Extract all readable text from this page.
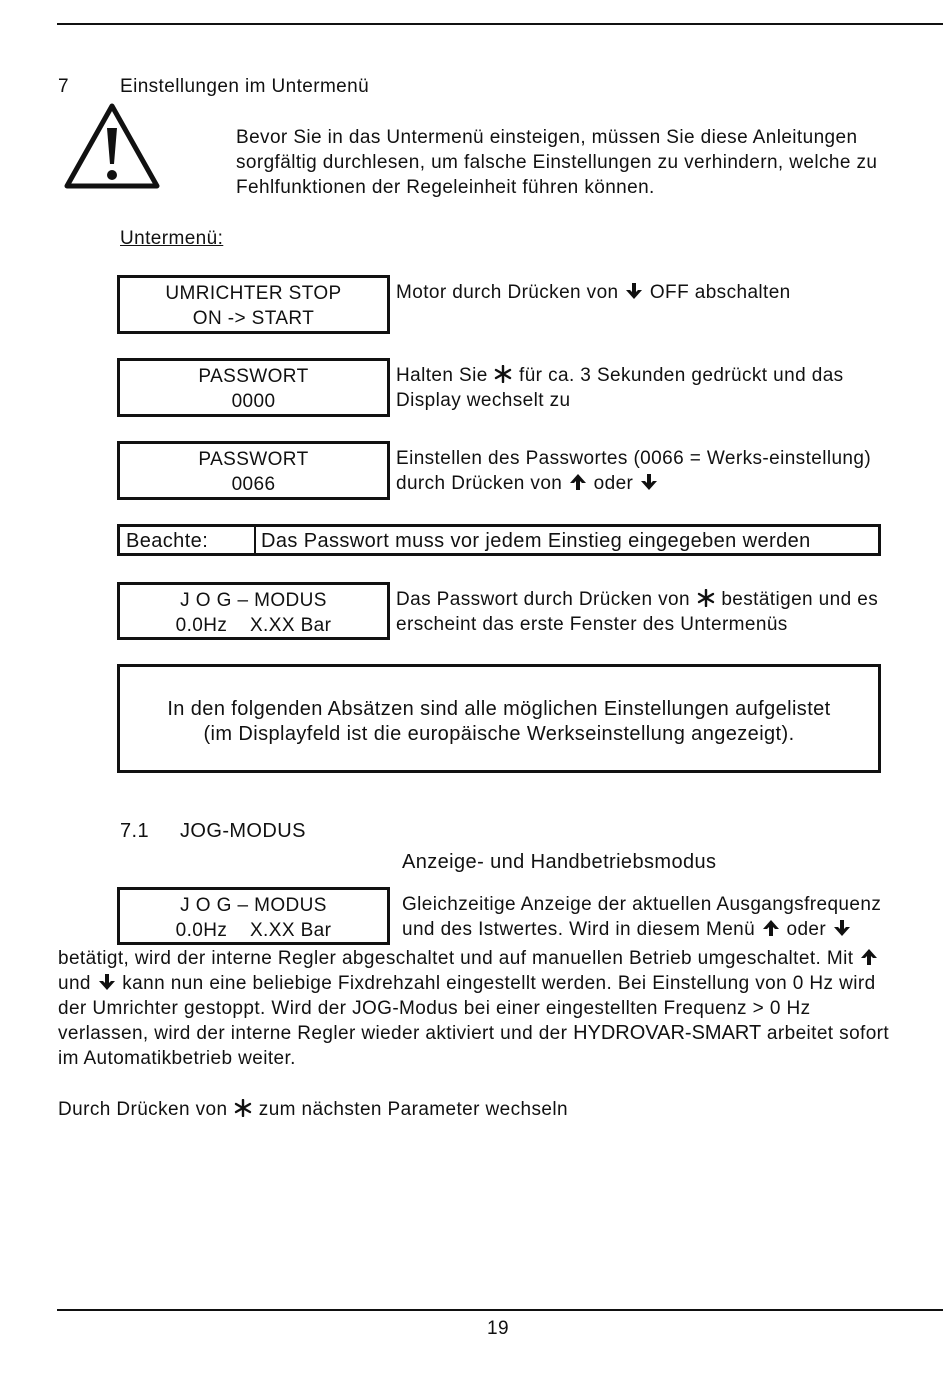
7	Einstellungen im Untermenü
Bevor Sie in das Untermenü einsteigen, müssen Sie diese Anleitungen
sorgfältig durchlesen, um falsche Einstellungen zu verhindern, welche zu
Fehlfunktionen der Regeleinheit führen können.
Untermenü:
UMRICHTER STOP
ON -> START
Motor durch Drücken von
OFF abschalten
PASSWORT
0000
Halten Sie
für ca. 3 Sekunden gedrückt und das
Display wechselt zu
PASSWORT
0066
Einstellen des Passwortes (0066 = Werks-einstellung)
durch Drücken von
oder
Beachte:	Das Passwort muss vor jedem Einstieg eingegeben werden
J O G – MODUS
0.0Hz    X.XX Bar
Das Passwort durch Drücken von
bestätigen und es
erscheint das erste Fenster des Untermenüs
In den folgenden Absätzen sind alle möglichen Einstellungen aufgelistet
(im Displayfeld ist die europäische Werkseinstellung angezeigt).
7.1 JOG-MODUS
Anzeige- und Handbetriebsmodus
J O G – MODUS
0.0Hz    X.XX Bar
Gleichzeitige Anzeige der aktuellen Ausgangsfrequenz
und des Istwertes. Wird in diesem Menü
oder
betätigt, wird der interne Regler abgeschaltet und auf manuellen Betrieb umgeschaltet. Mit
und
kann nun eine beliebige Fixdrehzahl eingestellt werden. Bei Einstellung von 0 Hz wird
der Umrichter gestoppt. Wird der JOG-Modus bei einer eingestellten Frequenz > 0 Hz
verlassen, wird der interne Regler wieder aktiviert und der HYDROVAR-SMART arbeitet sofort
im Automatikbetrieb weiter.
Durch Drücken von
zum nächsten Parameter wechseln
19
